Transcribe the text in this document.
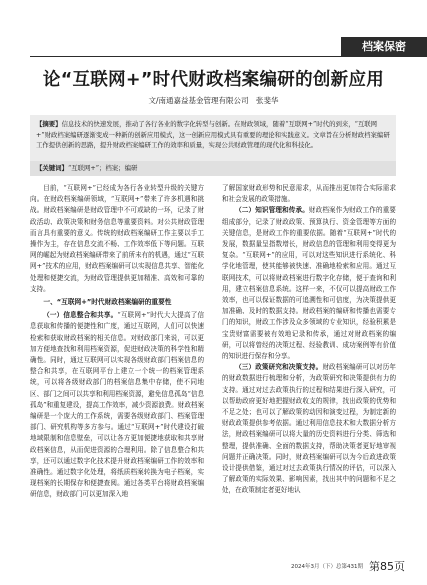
档案保密
论“互联网+”时代财政档案编研的创新应用
文/南通嘉益基金管理有限公司　张斐华
【摘要】信息技术的快速发展，推动了各行各业的数字化转型与创新。在财政领域，随着“互联网+”时代的到来，“互联网+”财政档案编研逐渐变成一种新的创新应用模式，这一创新应用模式具有重要的理论和实践意义。文章旨在分析财政档案编研工作提供创新的思路，提升财政档案编研工作的效率和质量，实现公共财政管理的现代化和科技化。
【关键词】“互联网+”；档案；编研

目前，“互联网+”已经成为各行各业转型升级的关键方向。在财政档案编研领域，“互联网+”带来了许多机遇和挑战。财政档案编研是财政管理中不可或缺的一环，记录了财政活动、政策决策和财务信息等重要资料。对公共财政管理而言具有重要的意义。传统的财政档案编研工作主要以手工操作为主，存在信息交流不畅、工作效率低下等问题。互联网的崛起为财政档案编研带来了前所未有的机遇，通过“互联网+”技术的应用，财政档案编研可以实现信息共享、智能化处理和便捷交流，为财政管理提供更加精准、高效和可靠的支持。

一、“互联网+”时代财政档案编研的重要性

（一）信息整合和共享。“互联网+”时代大大提高了信息获取和传播的便捷性和广度，通过互联网，人们可以快速检索和获取财政档案的相关信息。对财政部门来说，可以更加方便地查找和利用档案资源，促进财政决策的科学性和精确性。同时，通过互联网可以实现各级财政部门档案信息的整合和共享，在互联网平台上建立一个统一的档案管理系统，可以将各级财政部门的档案信息集中存储，使不同地区、部门之间可以共享和利用档案资源，避免信息孤岛“信息孤岛”和重复建设，提高工作效率，减少资源浪费。财政档案编研是一个庞大的工作系统，需要各级财政部门、档案管理部门、研究机构等多方参与。通过“互联网+”时代建设打破地域限制和信息壁垒，可以让各方更加便捷地获取和共享财政档案信息，从而促进资源的合理利用。除了信息整合和共享，还可以通过数字化技术提升财政档案编研工作的效率和准确性。通过数字化处理，将纸质档案转换为电子档案，实现档案的长期保存和便捷查阅。通过各类平台将财政档案编研信息，财政部门可以更加深入地

了解国家财政形势和民意需求，从而推出更加符合实际需求和社会发展的政策措施。

（二）知识管理和传承。财政档案作为财政工作的重要组成部分，记录了财政政策、预算执行、资金管理等方面的关键信息，是财政工作的重要依据。随着“互联网+”时代的发展，数据量呈指数增长，财政信息的管理和利用变得更为复杂。“互联网+”的应用，可以对这些知识进行系统化、科学化地管理，使其能够被快速、准确地检索和应用。通过互联网技术，可以将财政档案进行数字化存储，便于查询和利用，建立档案信息系统。这样一来，不仅可以提高财政工作效率，也可以保证数据的可追溯性和可信度，为决策提供更加准确、及时的数据支持。财政档案的编研和传播也需要专门的知识，财政工作涉及众多领域的专业知识，经验积累是宝贵财富需要被有效地记录和传承，通过对财政档案的编研，可以将曾经的决策过程、经验教训、成功案例等有价值的知识进行保存和分享。

（三）政策研究和决策支持。财政档案编研可以对历年的财政数据进行梳理和分析，为政策研究和决策提供有力的支持。通过对过去政策执行的过程和结果进行深入研究，可以帮助政府更好地把握财政收支的规律，找出政策的优势和不足之处；也可以了解政策的动因和演变过程，为制定新的财政政策提供参考依据。通过利用信息技术和大数据分析方法，财政档案编研可以将大量的历史资料进行分类、筛选和整理，提供准确、全面的数据支持，帮助决策者更好地审视问题并正确决策。同时，财政档案编研可以为今后政进政策设计提供借鉴，通过对过去政策执行情况的评估，可以深入了解政策的实际效果、影响因素，找出其中的问题和不足之处，在政策制定者更好地认

2024年3月（下）总第431期 第85页
